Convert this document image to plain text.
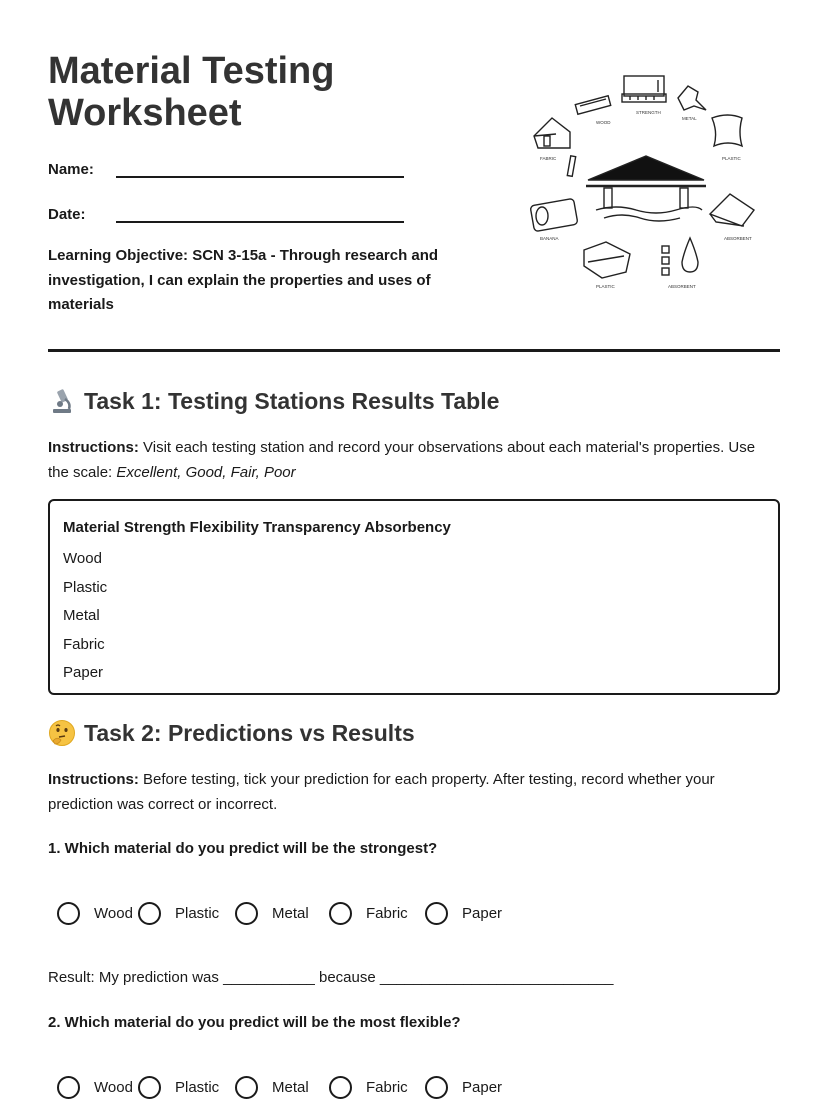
Material Testing
Worksheet
Name:
Date:
Learning Objective: SCN 3-15a - Through research and investigation, I can explain the properties and uses of materials
WOOD
STRENGTH
METAL
FABRIC	PLASTIC
BANANA	ABSORBENT
PLASTIC	ABSORBENT
Task 1: Testing Stations Results Table
Instructions: Visit each testing station and record your observations about each material's properties. Use the scale: Excellent, Good, Fair, Poor
Material Strength Flexibility Transparency Absorbency
Wood
Plastic
Metal
Fabric
Paper
Task 2: Predictions vs Results
Instructions: Before testing, tick your prediction for each property. After testing, record whether your prediction was correct or incorrect.
1. Which material do you predict will be the strongest?
Wood	Plastic	Metal	Fabric	Paper
Result: My prediction was ___________ because ____________________________
2. Which material do you predict will be the most flexible?
Wood	Plastic	Metal	Fabric	Paper
